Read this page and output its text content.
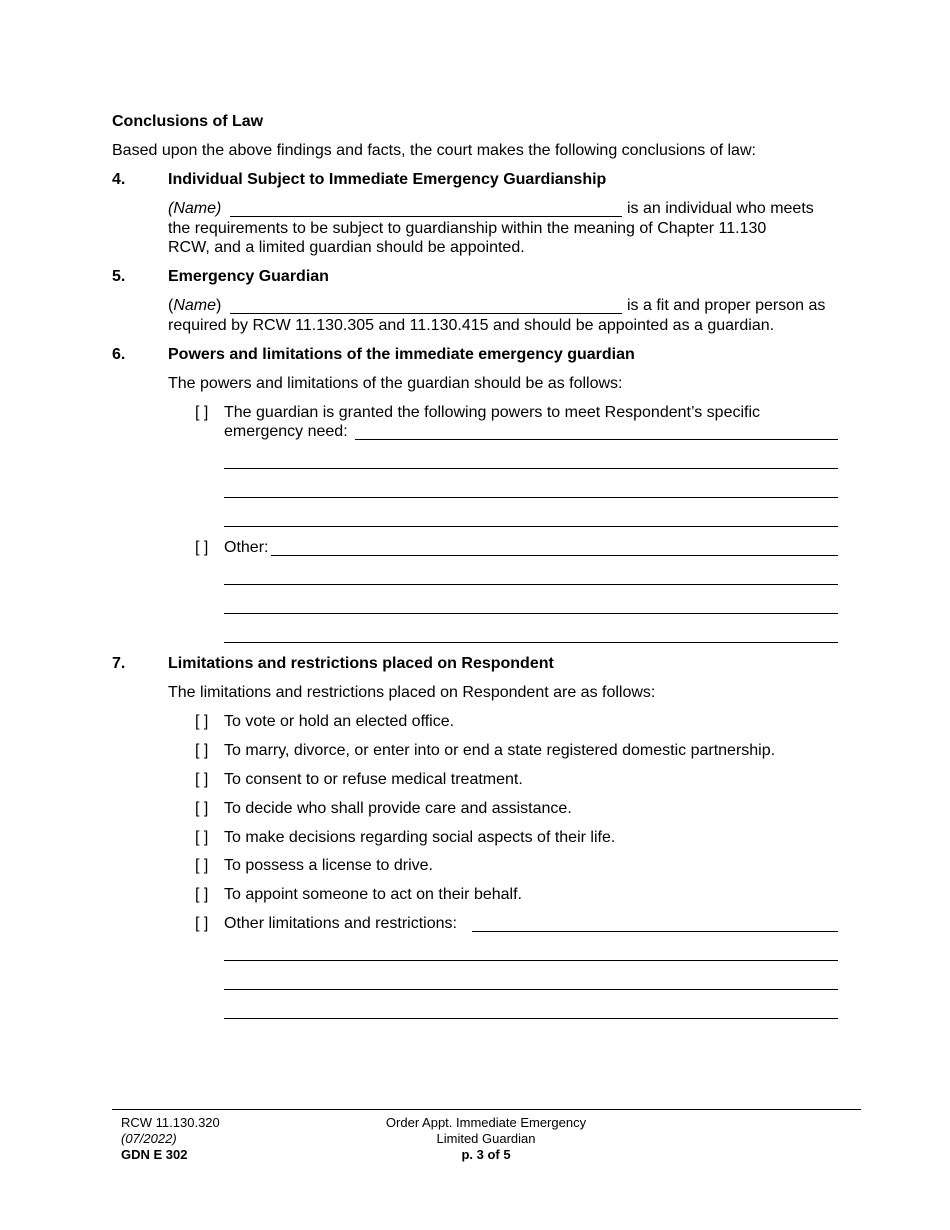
Conclusions of Law
Based upon the above findings and facts, the court makes the following conclusions of law:
4.	Individual Subject to Immediate Emergency Guardianship
(Name)	is an individual who meets
the requirements to be subject to guardianship within the meaning of Chapter 11.130
RCW, and a limited guardian should be appointed.
5.	Emergency Guardian
(Name)	is a fit and proper person as
required by RCW 11.130.305 and 11.130.415 and should be appointed as a guardian.
6.	Powers and limitations of the immediate emergency guardian
The powers and limitations of the guardian should be as follows:
[ ] The guardian is granted the following powers to meet Respondent’s specific
emergency need:
[ ] Other:
7.	Limitations and restrictions placed on Respondent
The limitations and restrictions placed on Respondent are as follows:
[ ] To vote or hold an elected office.
[ ] To marry, divorce, or enter into or end a state registered domestic partnership.
[ ] To consent to or refuse medical treatment.
[ ] To decide who shall provide care and assistance.
[ ] To make decisions regarding social aspects of their life.
[ ] To possess a license to drive.
[ ] To appoint someone to act on their behalf.
[ ] Other limitations and restrictions:
RCW 11.130.320
(07/2022)
GDN E 302
Order Appt. Immediate Emergency
Limited Guardian
p. 3 of 5
